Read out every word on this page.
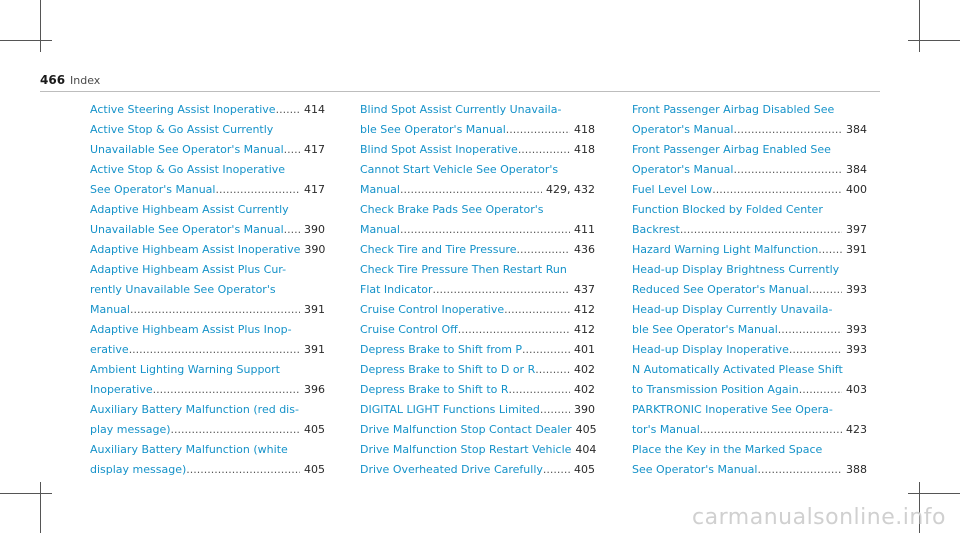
466 Index
Active Steering Assist Inoperative .....	414
Active Stop & Go Assist Currently
Unavailable See Operator's Manual .....	417
Active Stop & Go Assist Inoperative
See Operator's Manual .....	417
Adaptive Highbeam Assist Currently
Unavailable See Operator's Manual .....	390
Adaptive Highbeam Assist Inoperative 390
Adaptive Highbeam Assist Plus Cur-
rently Unavailable See Operator's
Manual .....	391
Adaptive Highbeam Assist Plus Inop-
erative .....	391
Ambient Lighting Warning Support
Inoperative .....	396
Auxiliary Battery Malfunction (red dis-
play message) .....	405
Auxiliary Battery Malfunction (white
display message) .....	405
Blind Spot Assist Currently Unavaila-
ble See Operator's Manual .....	418
Blind Spot Assist Inoperative .....	418
Cannot Start Vehicle See Operator's
Manual .....	429, 432
Check Brake Pads See Operator's
Manual .....	411
Check Tire and Tire Pressure .....	436
Check Tire Pressure Then Restart Run
Flat Indicator .....	437
Cruise Control Inoperative .....	412
Cruise Control Off .....	412
Depress Brake to Shift from P .....	401
Depress Brake to Shift to D or R .....	402
Depress Brake to Shift to R .....	402
DIGITAL LIGHT Functions Limited .....	390
Drive Malfunction Stop Contact Dealer 405
Drive Malfunction Stop Restart Vehicle 404
Drive Overheated Drive Carefully .....	405
Front Passenger Airbag Disabled See
Operator's Manual .....	384
Front Passenger Airbag Enabled See
Operator's Manual .....	384
Fuel Level Low .....	400
Function Blocked by Folded Center
Backrest .....	397
Hazard Warning Light Malfunction .....	391
Head-up Display Brightness Currently
Reduced See Operator's Manual .....	393
Head-up Display Currently Unavaila-
ble See Operator's Manual .....	393
Head-up Display Inoperative .....	393
N Automatically Activated Please Shift
to Transmission Position Again .....	403
PARKTRONIC Inoperative See Opera-
tor's Manual .....	423
Place the Key in the Marked Space
See Operator's Manual .....	388
carmanualsonline.info
